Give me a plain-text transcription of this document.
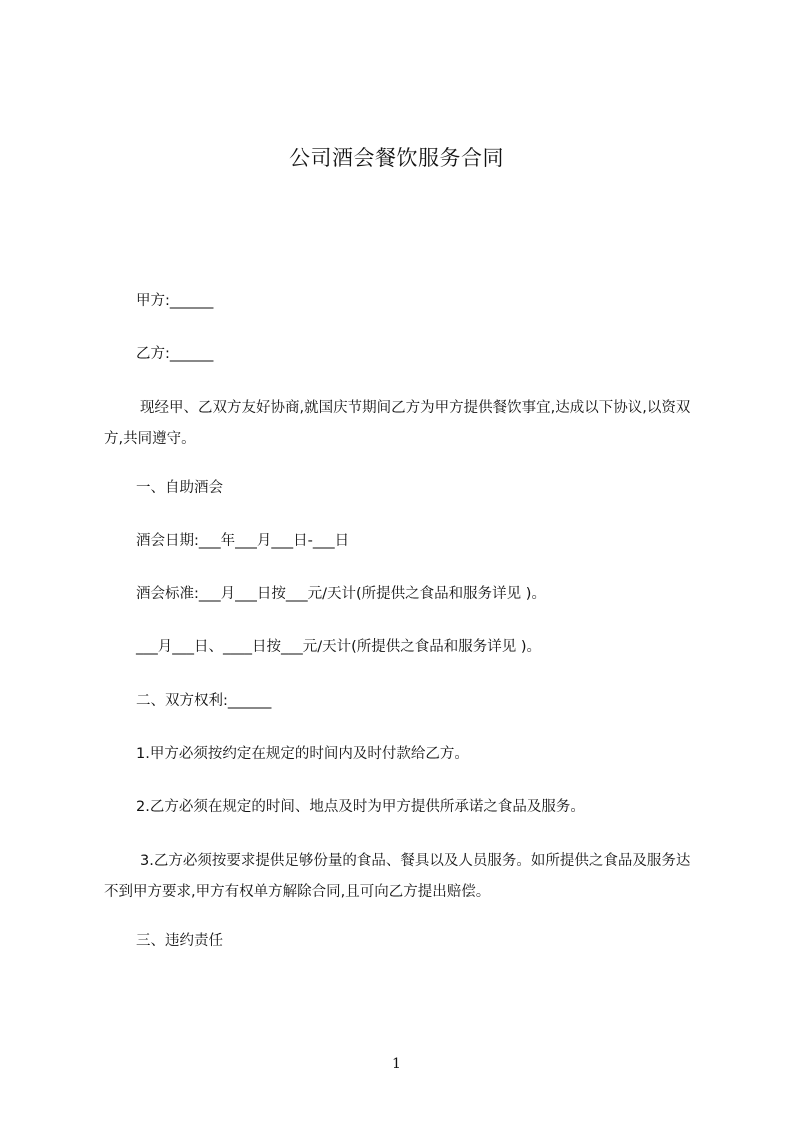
公司酒会餐饮服务合同
甲方:______
乙方:______
现经甲、乙双方友好协商,就国庆节期间乙方为甲方提供餐饮事宜,达成以下协议,以资双方,共同遵守。
一、自助酒会
酒会日期:___年___月___日-___日
酒会标准:___月___日按___元/天计(所提供之食品和服务详见 )。
___月___日、____日按___元/天计(所提供之食品和服务详见 )。
二、双方权利:______
1.甲方必须按约定在规定的时间内及时付款给乙方。
2.乙方必须在规定的时间、地点及时为甲方提供所承诺之食品及服务。
3.乙方必须按要求提供足够份量的食品、餐具以及人员服务。如所提供之食品及服务达不到甲方要求,甲方有权单方解除合同,且可向乙方提出赔偿。
三、违约责任
1
